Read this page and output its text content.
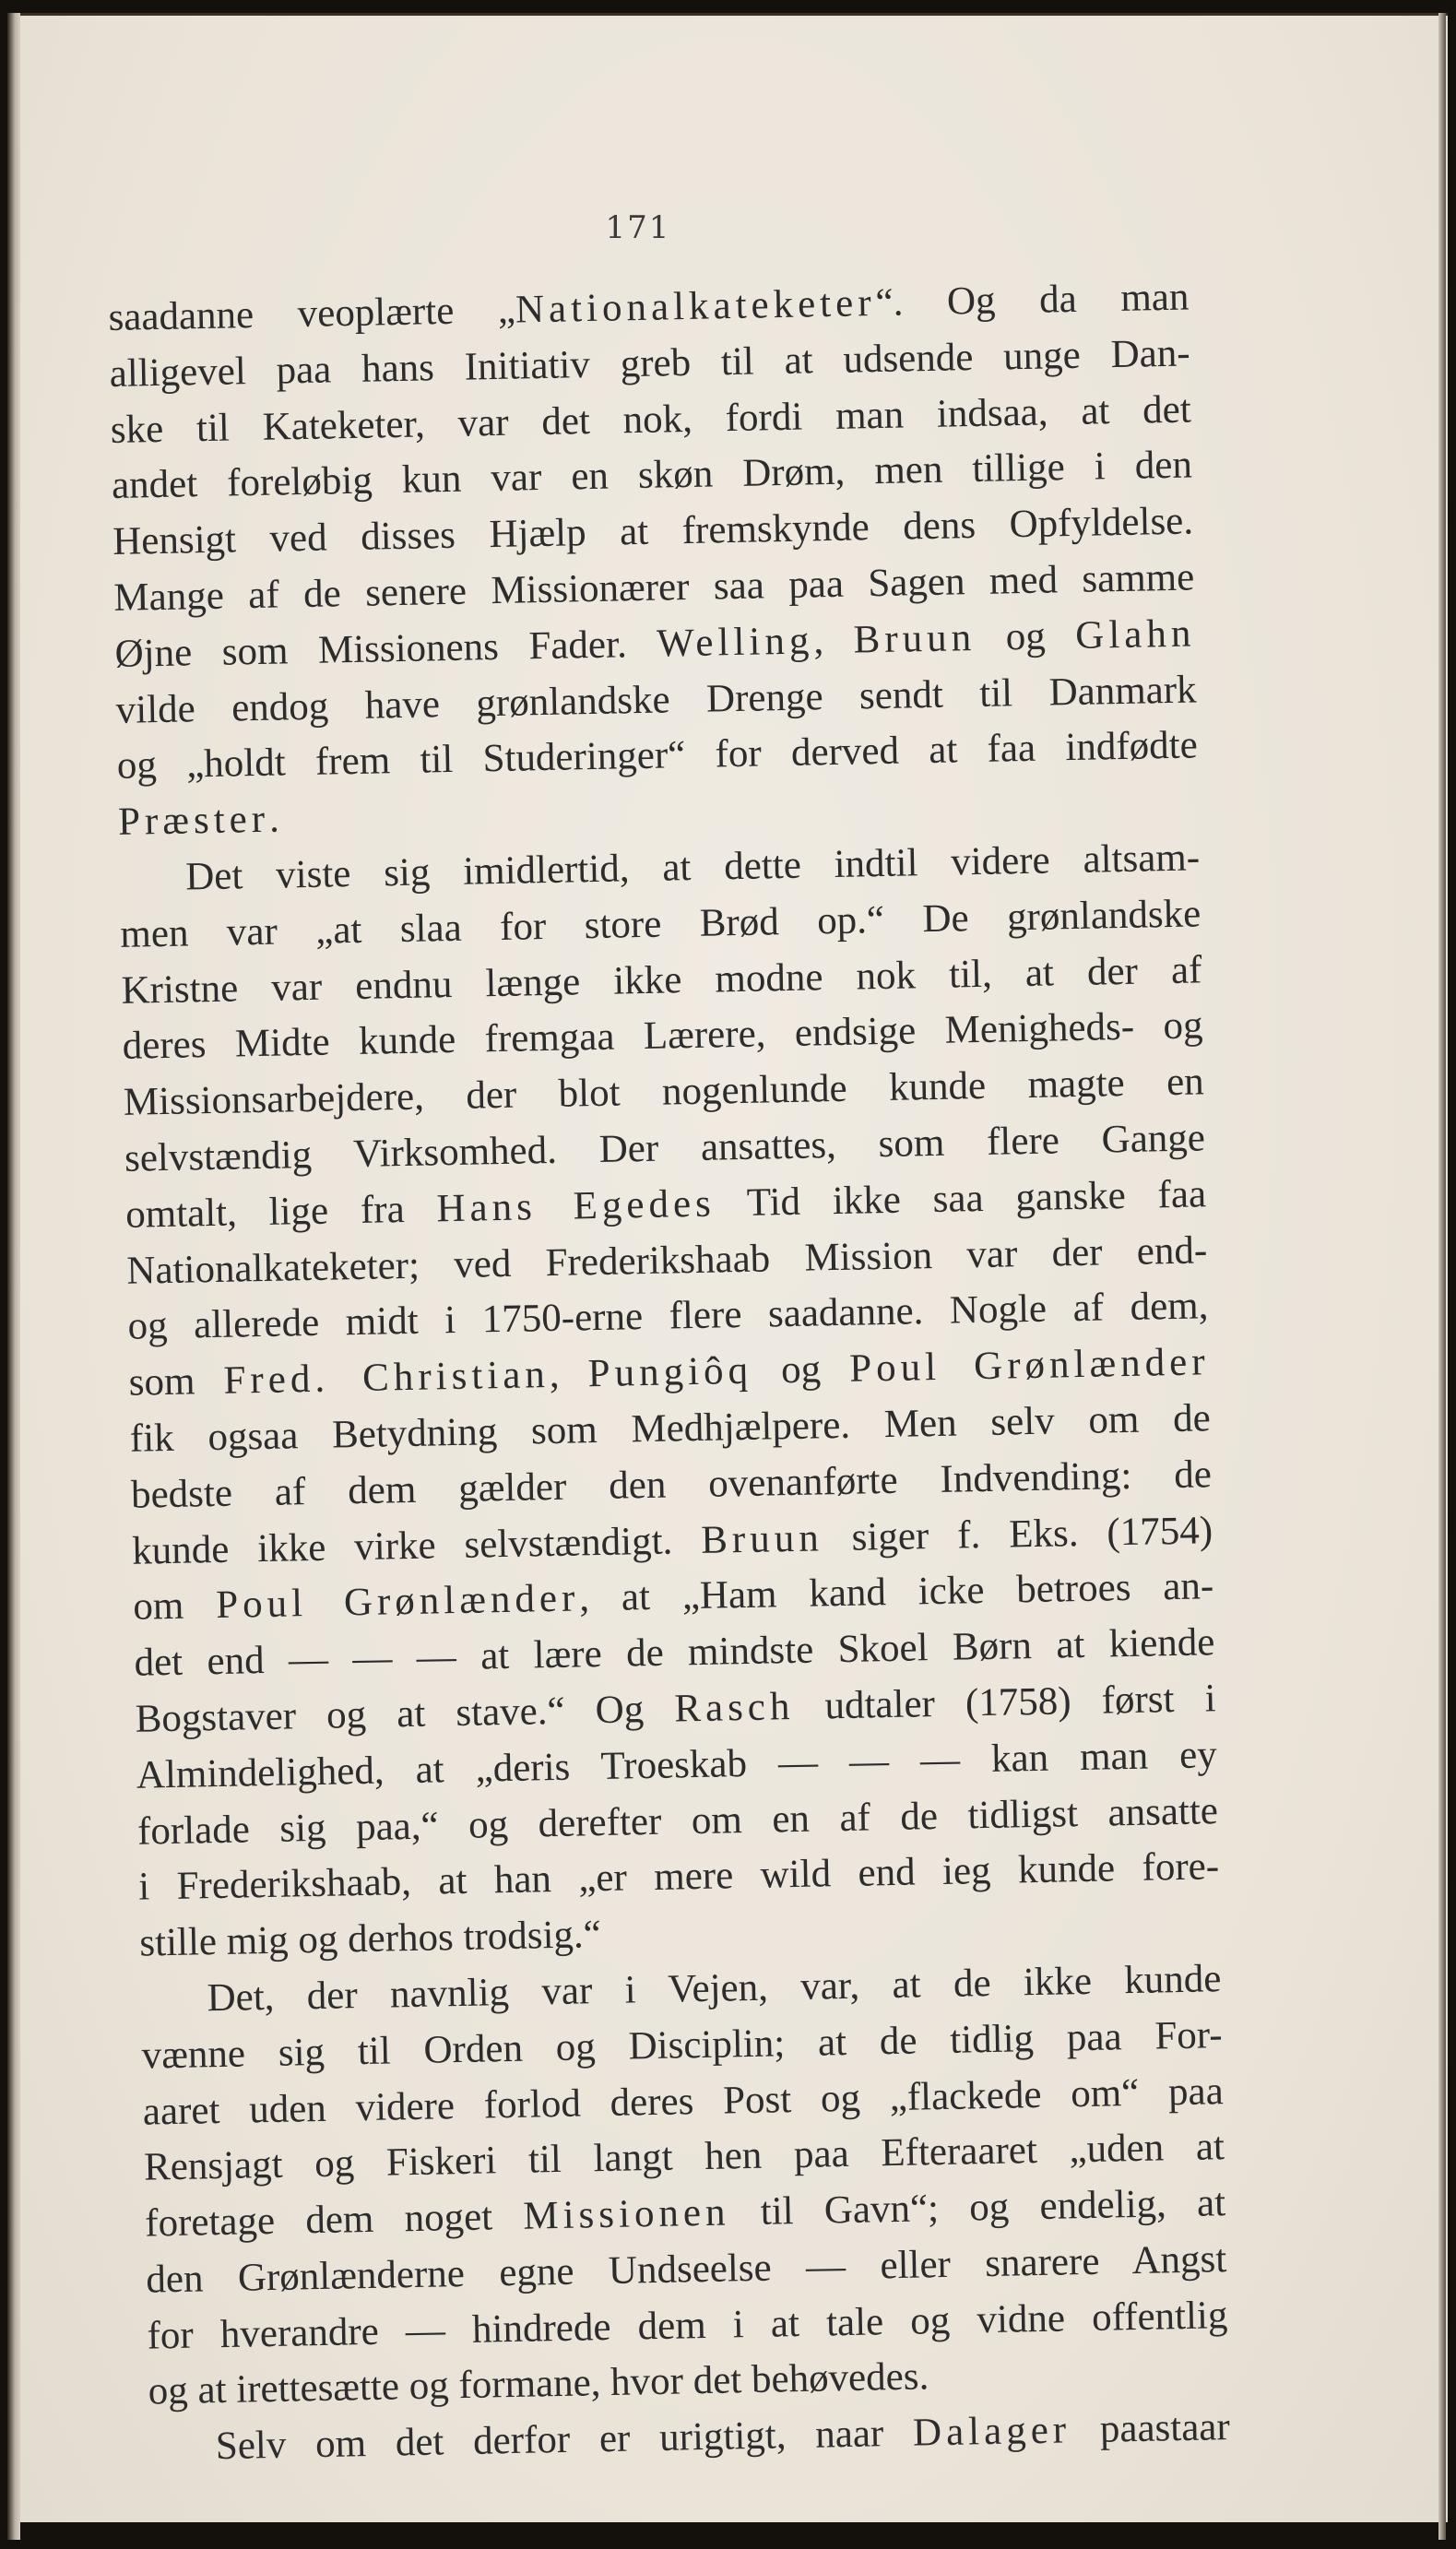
171
saadanne veoplærte „Nationalkateketer“. Og da man
alligevel paa hans Initiativ greb til at udsende unge Dan-
ske til Kateketer, var det nok, fordi man indsaa, at det
andet foreløbig kun var en skøn Drøm, men tillige i den
Hensigt ved disses Hjælp at fremskynde dens Opfyldelse.
Mange af de senere Missionærer saa paa Sagen med samme
Øjne som Missionens Fader. Welling, Bruun og Glahn
vilde endog have grønlandske Drenge sendt til Danmark
og „holdt frem til Studeringer“ for derved at faa indfødte
Præster.
Det viste sig imidlertid, at dette indtil videre altsam-
men var „at slaa for store Brød op.“ De grønlandske
Kristne var endnu længe ikke modne nok til, at der af
deres Midte kunde fremgaa Lærere, endsige Menigheds- og
Missionsarbejdere, der blot nogenlunde kunde magte en
selvstændig Virksomhed. Der ansattes, som flere Gange
omtalt, lige fra Hans Egedes Tid ikke saa ganske faa
Nationalkateketer; ved Frederikshaab Mission var der end-
og allerede midt i 1750-erne flere saadanne. Nogle af dem,
som Fred. Christian, Pungiôq og Poul Grønlænder
fik ogsaa Betydning som Medhjælpere. Men selv om de
bedste af dem gælder den ovenanførte Indvending: de
kunde ikke virke selvstændigt. Bruun siger f. Eks. (1754)
om Poul Grønlænder, at „Ham kand icke betroes an-
det end — — — at lære de mindste Skoel Børn at kiende
Bogstaver og at stave.“ Og Rasch udtaler (1758) først i
Almindelighed, at „deris Troeskab — — — kan man ey
forlade sig paa,“ og derefter om en af de tidligst ansatte
i Frederikshaab, at han „er mere wild end ieg kunde fore-
stille mig og derhos trodsig.“
Det, der navnlig var i Vejen, var, at de ikke kunde
vænne sig til Orden og Disciplin; at de tidlig paa For-
aaret uden videre forlod deres Post og „flackede om“ paa
Rensjagt og Fiskeri til langt hen paa Efteraaret „uden at
foretage dem noget Missionen til Gavn“; og endelig, at
den Grønlænderne egne Undseelse — eller snarere Angst
for hverandre — hindrede dem i at tale og vidne offentlig
og at irettesætte og formane, hvor det behøvedes.
Selv om det derfor er urigtigt, naar Dalager paastaar
